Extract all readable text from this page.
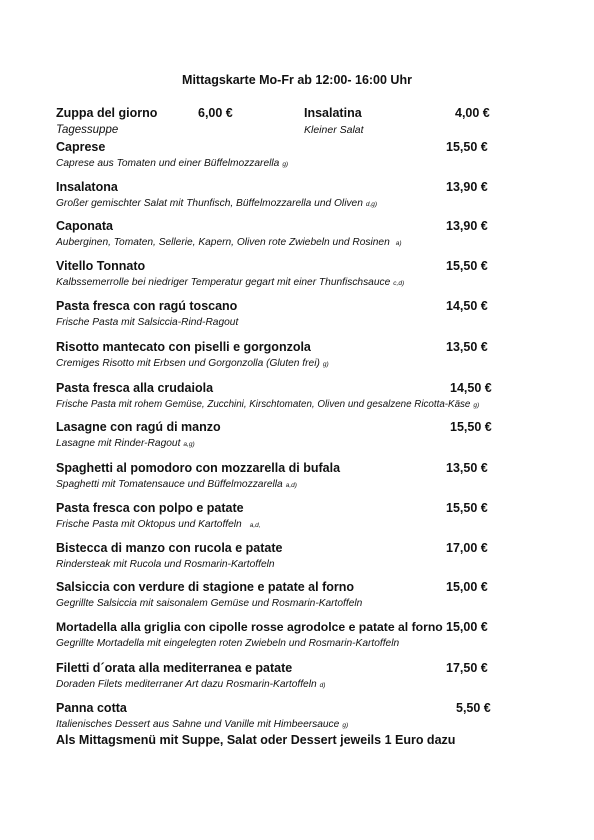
Mittagskarte Mo-Fr ab 12:00- 16:00 Uhr
Zuppa del giorno	6,00 €
Tagessuppe
Insalatina	4,00 €
Kleiner Salat
Caprese	15,50 €
Caprese aus Tomaten und einer Büffelmozzarella g)
Insalatona	13,90 €
Großer gemischter Salat mit Thunfisch, Büffelmozzarella und Oliven d,g)
Caponata	13,90 €
Auberginen, Tomaten, Sellerie, Kapern, Oliven rote Zwiebeln und Rosinen a)
Vitello Tonnato	15,50 €
Kalbssemerrolle bei niedriger Temperatur gegart mit einer Thunfischsauce c,d)
Pasta fresca con ragú toscano	14,50 €
Frische Pasta mit Salsiccia-Rind-Ragout
Risotto mantecato con piselli e gorgonzola	13,50 €
Cremiges Risotto mit Erbsen und Gorgonzolla (Gluten frei) g)
Pasta fresca alla crudaiola	14,50 €
Frische Pasta mit rohem Gemüse, Zucchini, Kirschtomaten, Oliven und gesalzene Ricotta-Käse g)
Lasagne con ragú di manzo	15,50 €
Lasagne mit Rinder-Ragout a,g)
Spaghetti al pomodoro con mozzarella di bufala	13,50 €
Spaghetti mit Tomatensauce und Büffelmozzarella a,d)
Pasta fresca con polpo e patate	15,50 €
Frische Pasta mit Oktopus und Kartoffeln a,d,
Bistecca di manzo con rucola e patate	17,00 €
Rindersteak mit Rucola und Rosmarin-Kartoffeln
Salsiccia con verdure di stagione e patate al forno	15,00 €
Gegrillte Salsiccia mit saisonalem Gemüse und Rosmarin-Kartoffeln
Mortadella alla griglia con cipolle rosse agrodolce e patate al forno 15,00 €
Gegrillte Mortadella mit eingelegten roten Zwiebeln und Rosmarin-Kartoffeln
Filetti d´orata alla mediterranea e patate	17,50 €
Doraden Filets mediterraner Art dazu Rosmarin-Kartoffeln d)
Panna cotta	5,50 €
Italienisches Dessert aus Sahne und Vanille mit Himbeersauce g)
Als Mittagsmenü mit Suppe, Salat oder Dessert jeweils 1 Euro dazu
